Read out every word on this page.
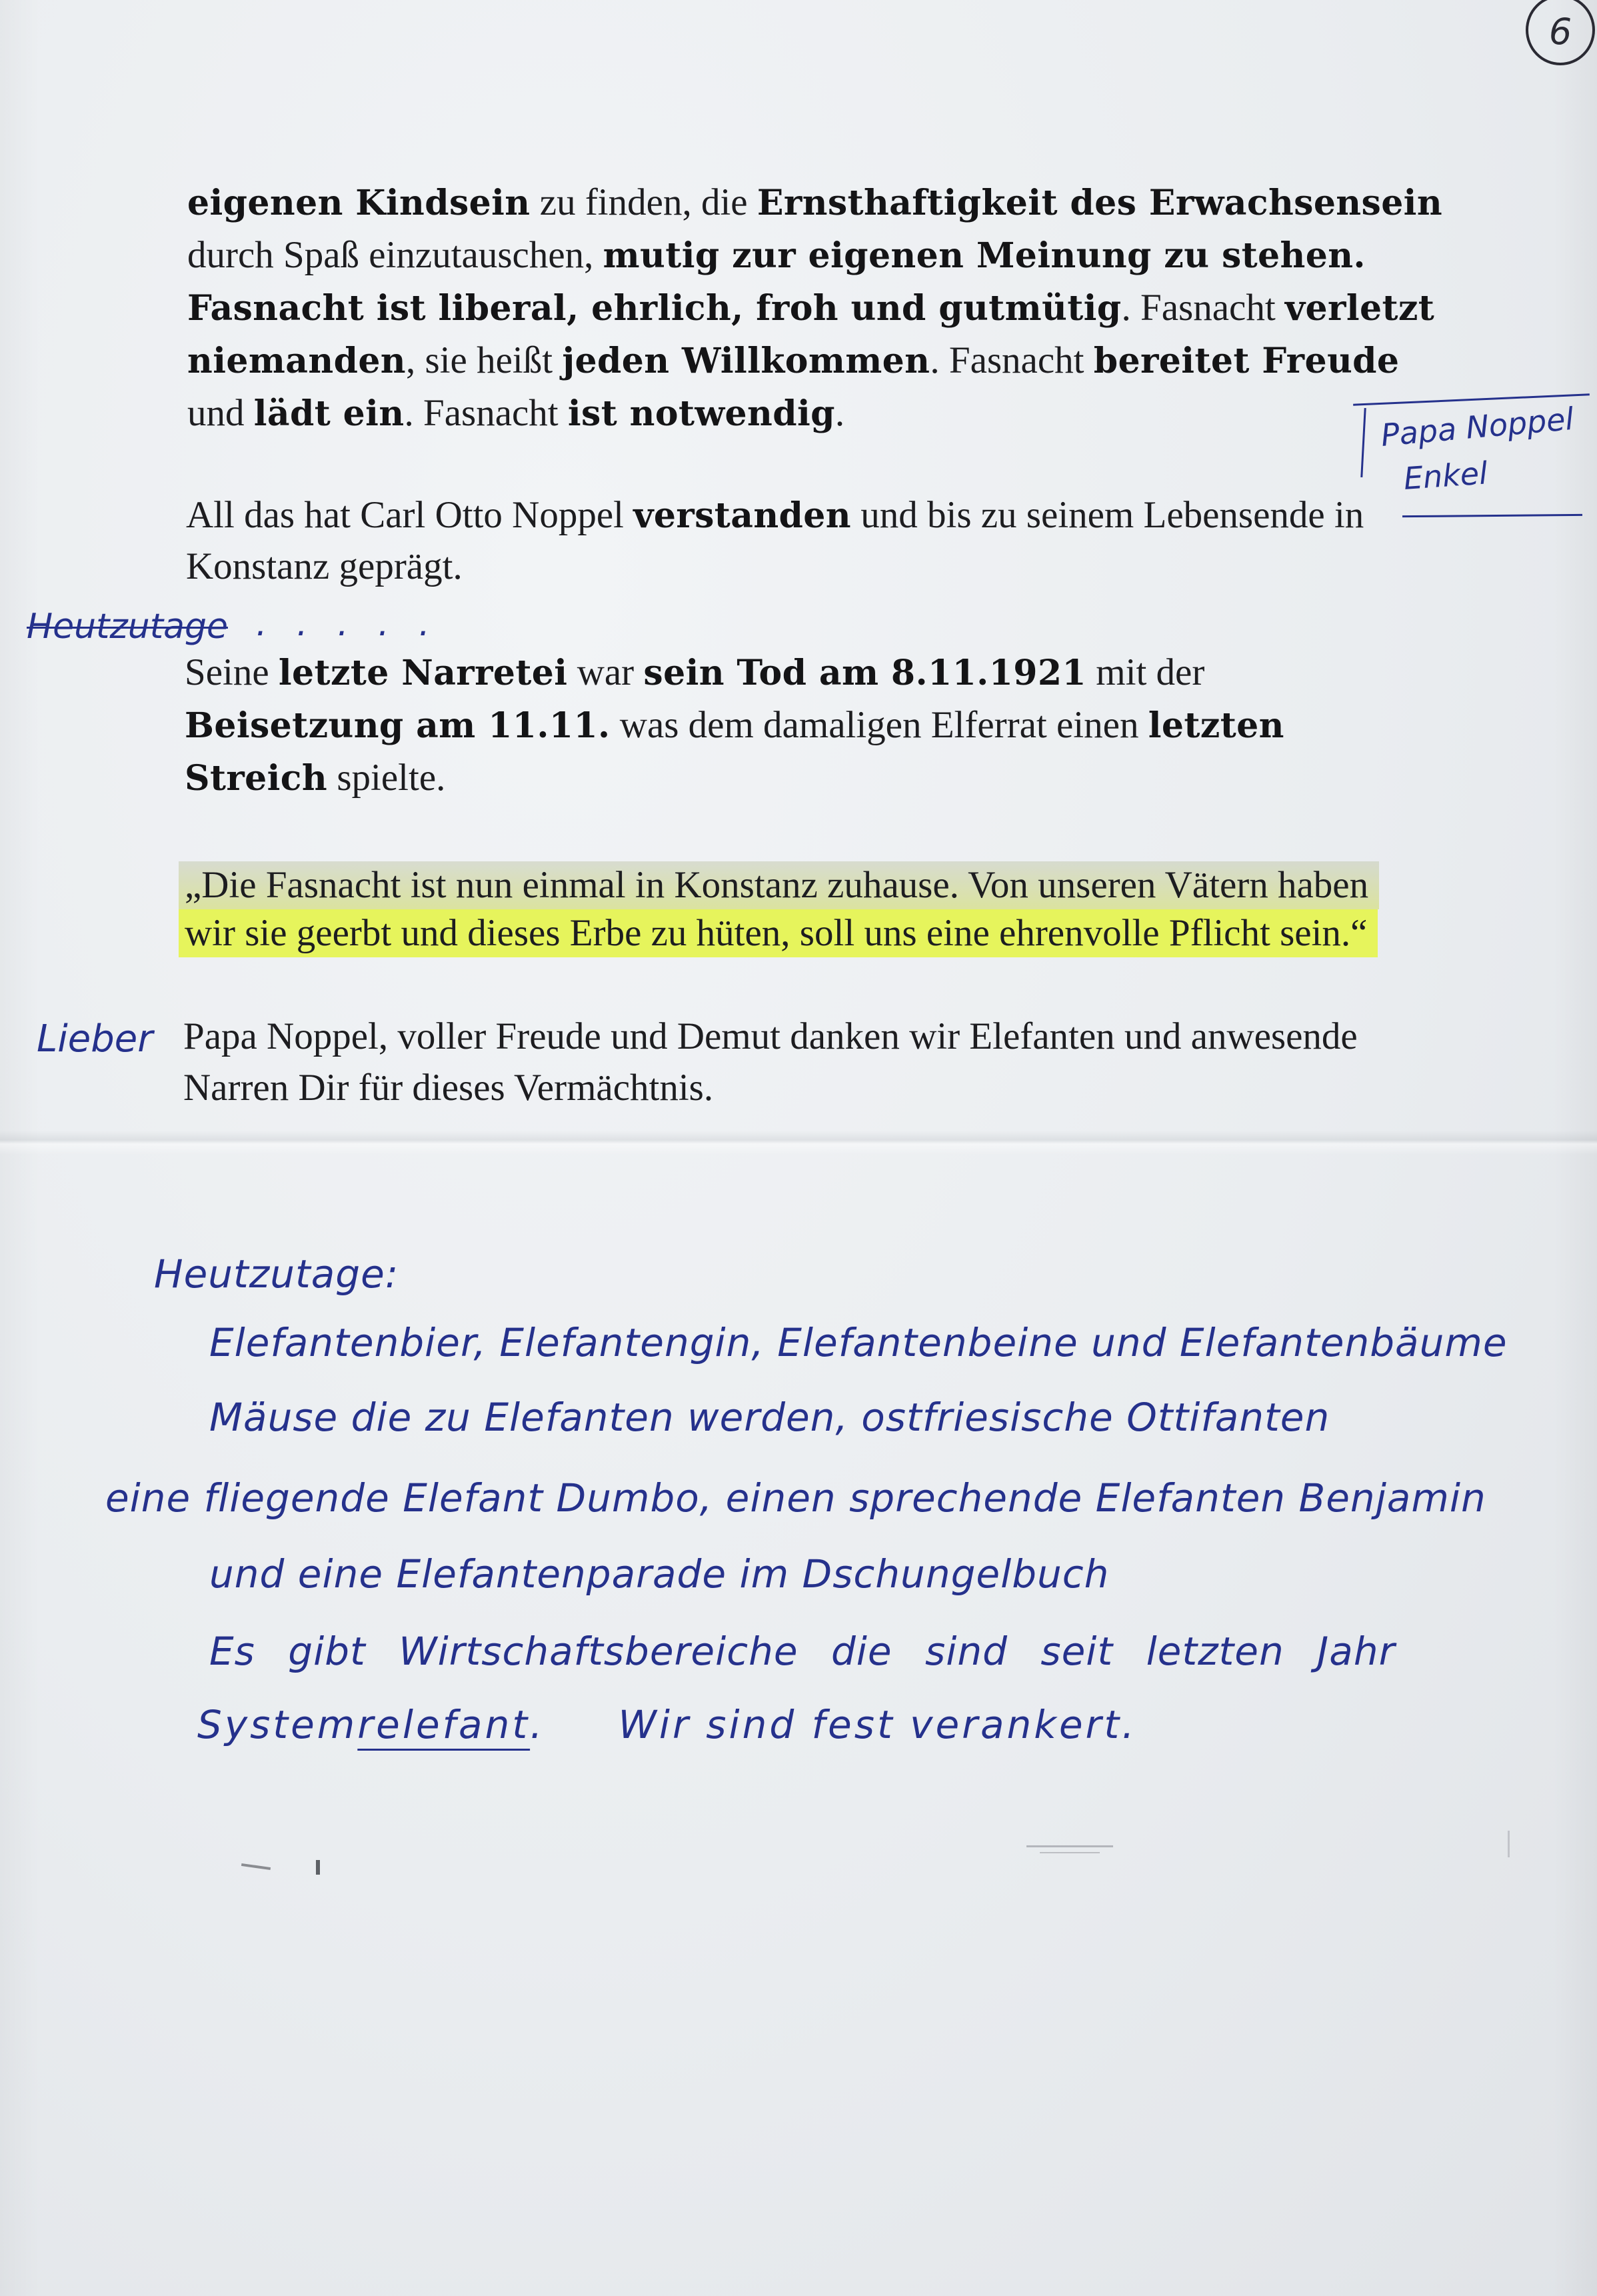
6
eigenen Kindsein zu finden, die Ernsthaftigkeit des Erwachsensein
durch Spaß einzutauschen, mutig zur eigenen Meinung zu stehen.
Fasnacht ist liberal, ehrlich, froh und gutmütig. Fasnacht verletzt
niemanden, sie heißt jeden Willkommen. Fasnacht bereitet Freude
und lädt ein. Fasnacht ist notwendig.
All das hat Carl Otto Noppel verstanden und bis zu seinem Lebensende in
Konstanz geprägt.
Seine letzte Narretei war sein Tod am 8.11.1921 mit der
Beisetzung am 11.11. was dem damaligen Elferrat einen letzten
Streich spielte.
„Die Fasnacht ist nun einmal in Konstanz zuhause. Von unseren Vätern haben
wir sie geerbt und dieses Erbe zu hüten, soll uns eine ehrenvolle Pflicht sein.“
Papa Noppel, voller Freude und Demut danken wir Elefanten und anwesende
Narren Dir für dieses Vermächtnis.
Heutzutage . . . . .
Lieber
Papa Noppel
Enkel
Heutzutage:
Elefantenbier, Elefantengin, Elefantenbeine und Elefantenbäume
Mäuse die zu Elefanten werden, ostfriesische Ottifanten
eine fliegende Elefant Dumbo, einen sprechende Elefanten Benjamin
und eine Elefantenparade im Dschungelbuch
Es gibt Wirtschaftsbereiche die sind seit letzten Jahr
Systemrelefant. Wir sind fest verankert.
